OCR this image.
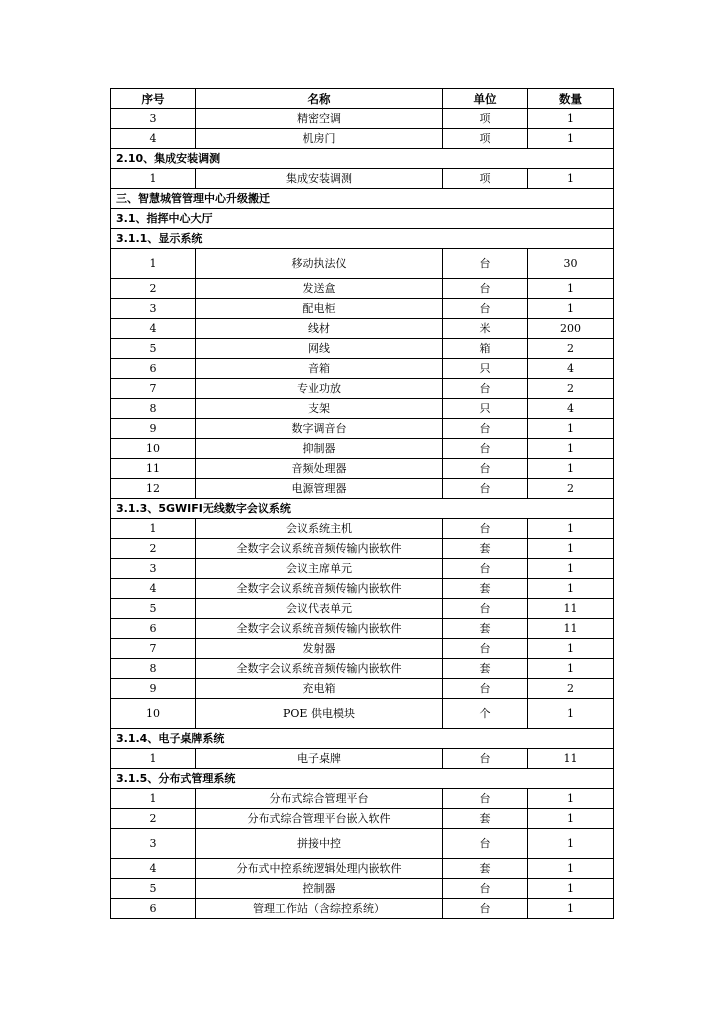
序号	名称	单位	数量
3	精密空调	项	1
4	机房门	项	1
2.10、集成安装调测			
1	集成安装调测	项	1
三、智慧城管管理中心升级搬迁			
3.1、指挥中心大厅			
3.1.1、显示系统			
1	移动执法仪	台	30
2	发送盒	台	1
3	配电柜	台	1
4	线材	米	200
5	网线	箱	2
6	音箱	只	4
7	专业功放	台	2
8	支架	只	4
9	数字调音台	台	1
10	抑制器	台	1
11	音频处理器	台	1
12	电源管理器	台	2
3.1.3、5GWIFI无线数字会议系统			
1	会议系统主机	台	1
2	全数字会议系统音频传输内嵌软件	套	1
3	会议主席单元	台	1
4	全数字会议系统音频传输内嵌软件	套	1
5	会议代表单元	台	11
6	全数字会议系统音频传输内嵌软件	套	11
7	发射器	台	1
8	全数字会议系统音频传输内嵌软件	套	1
9	充电箱	台	2
10	POE 供电模块	个	1
3.1.4、电子桌牌系统			
1	电子桌牌	台	11
3.1.5、分布式管理系统			
1	分布式综合管理平台	台	1
2	分布式综合管理平台嵌入软件	套	1
3	拼接中控	台	1
4	分布式中控系统逻辑处理内嵌软件	套	1
5	控制器	台	1
6	管理工作站（含综控系统）	台	1
